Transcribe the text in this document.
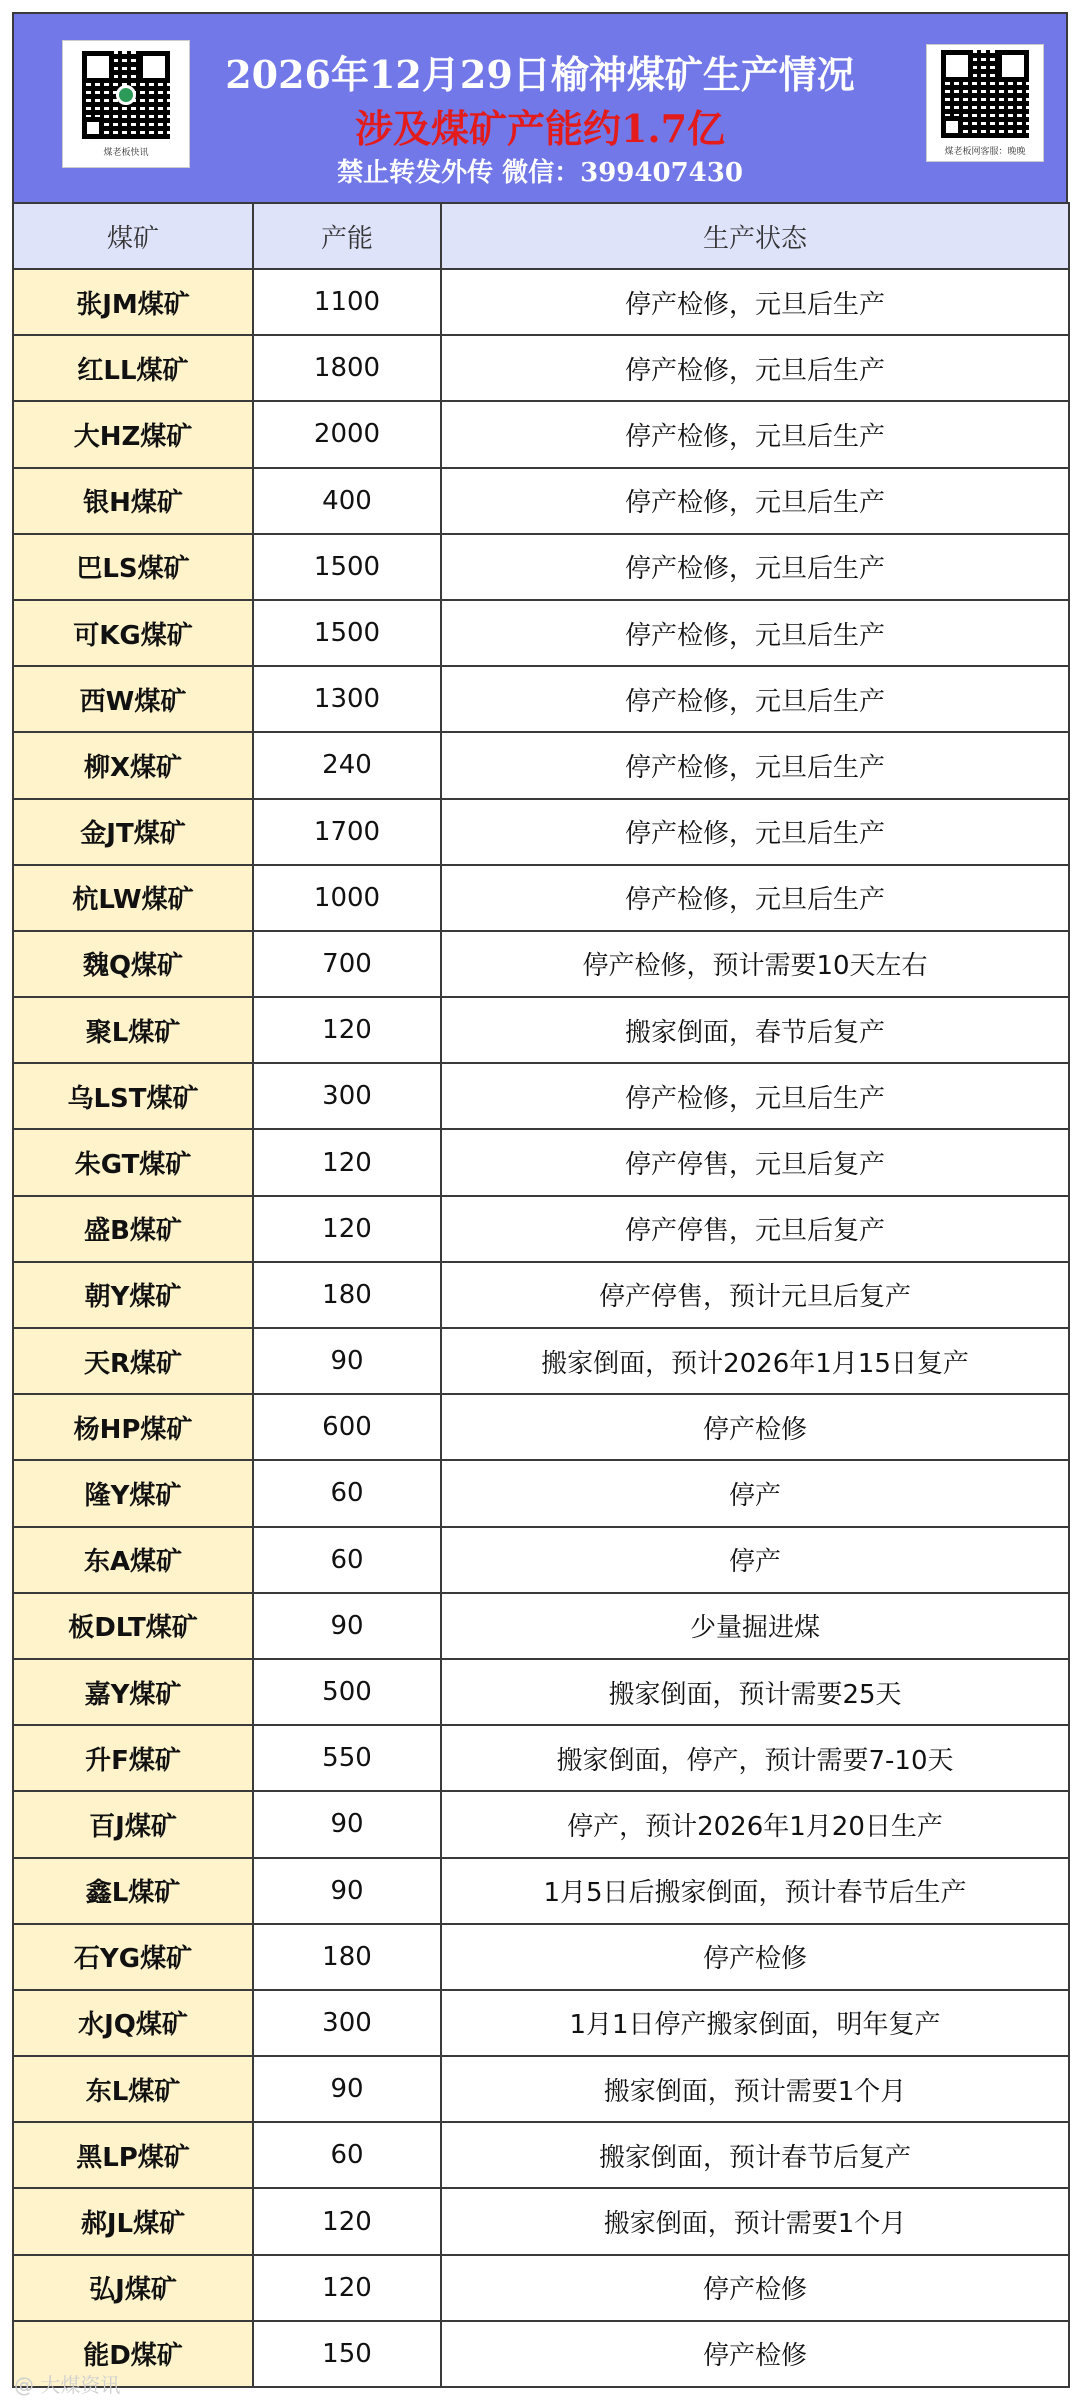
煤老板快讯
2026年12月29日榆神煤矿生产情况
涉及煤矿产能约1.7亿
禁止转发外传 微信：399407430
煤老板网客服：晚晚
煤矿	产能	生产状态
张JM煤矿	1100	停产检修，元旦后生产
红LL煤矿	1800	停产检修，元旦后生产
大HZ煤矿	2000	停产检修，元旦后生产
银H煤矿	400	停产检修，元旦后生产
巴LS煤矿	1500	停产检修，元旦后生产
可KG煤矿	1500	停产检修，元旦后生产
西W煤矿	1300	停产检修，元旦后生产
柳X煤矿	240	停产检修，元旦后生产
金JT煤矿	1700	停产检修，元旦后生产
杭LW煤矿	1000	停产检修，元旦后生产
魏Q煤矿	700	停产检修，预计需要10天左右
聚L煤矿	120	搬家倒面，春节后复产
乌LST煤矿	300	停产检修，元旦后生产
朱GT煤矿	120	停产停售，元旦后复产
盛B煤矿	120	停产停售，元旦后复产
朝Y煤矿	180	停产停售，预计元旦后复产
天R煤矿	90	搬家倒面，预计2026年1月15日复产
杨HP煤矿	600	停产检修
隆Y煤矿	60	停产
东A煤矿	60	停产
板DLT煤矿	90	少量掘进煤
嘉Y煤矿	500	搬家倒面，预计需要25天
升F煤矿	550	搬家倒面，停产，预计需要7-10天
百J煤矿	90	停产，预计2026年1月20日生产
鑫L煤矿	90	1月5日后搬家倒面，预计春节后生产
石YG煤矿	180	停产检修
水JQ煤矿	300	1月1日停产搬家倒面，明年复产
东L煤矿	90	搬家倒面，预计需要1个月
黑LP煤矿	60	搬家倒面，预计春节后复产
郝JL煤矿	120	搬家倒面，预计需要1个月
弘J煤矿	120	停产检修
能D煤矿	150	停产检修
@ 大煤资讯
